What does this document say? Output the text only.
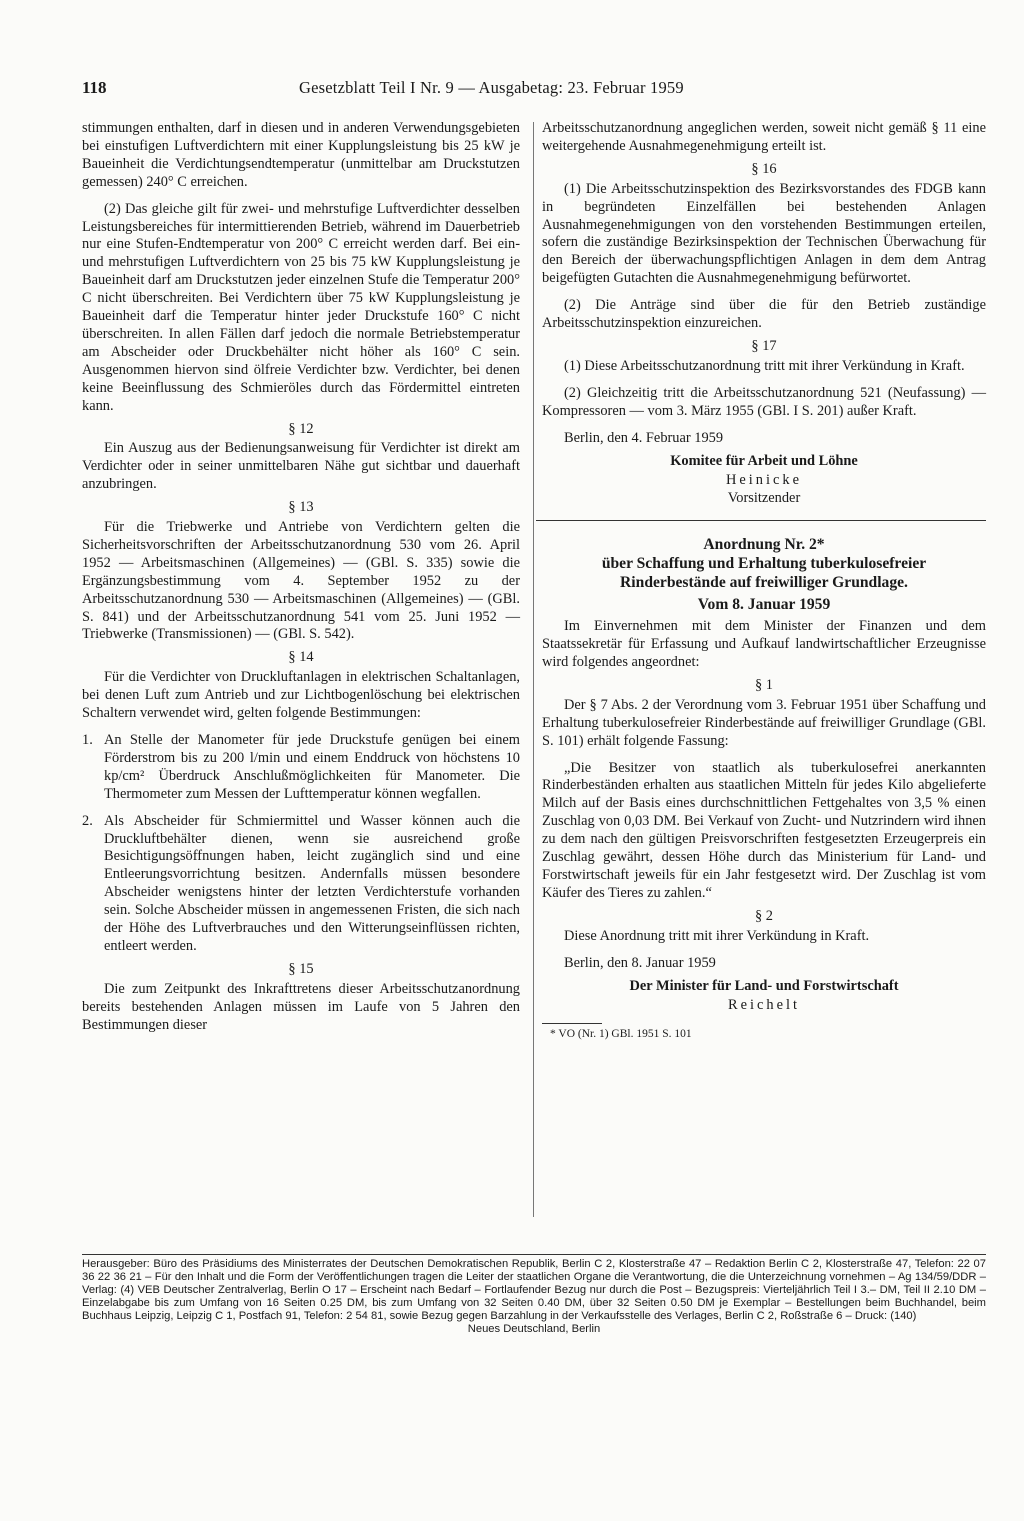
118	Gesetzblatt Teil I Nr. 9 — Ausgabetag: 23. Februar 1959

stimmungen enthalten, darf in diesen und in anderen Verwendungsgebieten bei einstufigen Luftverdichtern mit einer Kupplungsleistung bis 25 kW je Baueinheit die Verdichtungsendtemperatur (unmittelbar am Druckstutzen gemessen) 240° C erreichen.

(2) Das gleiche gilt für zwei- und mehrstufige Luftverdichter desselben Leistungsbereiches für intermittierenden Betrieb, während im Dauerbetrieb nur eine Stufen-Endtemperatur von 200° C erreicht werden darf. Bei ein- und mehrstufigen Luftverdichtern von 25 bis 75 kW Kupplungsleistung je Baueinheit darf am Druckstutzen jeder einzelnen Stufe die Temperatur 200° C nicht überschreiten. Bei Verdichtern über 75 kW Kupplungsleistung je Baueinheit darf die Temperatur hinter jeder Druckstufe 160° C nicht überschreiten. In allen Fällen darf jedoch die normale Betriebstemperatur am Abscheider oder Druckbehälter nicht höher als 160° C sein. Ausgenommen hiervon sind ölfreie Verdichter bzw. Verdichter, bei denen keine Beeinflussung des Schmieröles durch das Fördermittel eintreten kann.

§ 12

Ein Auszug aus der Bedienungsanweisung für Verdichter ist direkt am Verdichter oder in seiner unmittelbaren Nähe gut sichtbar und dauerhaft anzubringen.

§ 13

Für die Triebwerke und Antriebe von Verdichtern gelten die Sicherheitsvorschriften der Arbeitsschutzanordnung 530 vom 26. April 1952 — Arbeitsmaschinen (Allgemeines) — (GBl. S. 335) sowie die Ergänzungsbestimmung vom 4. September 1952 zu der Arbeitsschutzanordnung 530 — Arbeitsmaschinen (Allgemeines) — (GBl. S. 841) und der Arbeitsschutzanordnung 541 vom 25. Juni 1952 — Triebwerke (Transmissionen) — (GBl. S. 542).

§ 14

Für die Verdichter von Druckluftanlagen in elektrischen Schaltanlagen, bei denen Luft zum Antrieb und zur Lichtbogenlöschung bei elektrischen Schaltern verwendet wird, gelten folgende Bestimmungen:

1. An Stelle der Manometer für jede Druckstufe genügen bei einem Förderstrom bis zu 200 l/min und einem Enddruck von höchstens 10 kp/cm² Überdruck Anschlußmöglichkeiten für Manometer. Die Thermometer zum Messen der Lufttemperatur können wegfallen.

2. Als Abscheider für Schmiermittel und Wasser können auch die Druckluftbehälter dienen, wenn sie ausreichend große Besichtigungsöffnungen haben, leicht zugänglich sind und eine Entleerungsvorrichtung besitzen. Andernfalls müssen besondere Abscheider wenigstens hinter der letzten Verdichterstufe vorhanden sein. Solche Abscheider müssen in angemessenen Fristen, die sich nach der Höhe des Luftverbrauches und den Witterungseinflüssen richten, entleert werden.

§ 15

Die zum Zeitpunkt des Inkrafttretens dieser Arbeitsschutzanordnung bereits bestehenden Anlagen müssen im Laufe von 5 Jahren den Bestimmungen dieser

Arbeitsschutzanordnung angeglichen werden, soweit nicht gemäß § 11 eine weitergehende Ausnahmegenehmigung erteilt ist.

§ 16

(1) Die Arbeitsschutzinspektion des Bezirksvorstandes des FDGB kann in begründeten Einzelfällen bei bestehenden Anlagen Ausnahmegenehmigungen von den vorstehenden Bestimmungen erteilen, sofern die zuständige Bezirksinspektion der Technischen Überwachung für den Bereich der überwachungspflichtigen Anlagen in dem dem Antrag beigefügten Gutachten die Ausnahmegenehmigung befürwortet.

(2) Die Anträge sind über die für den Betrieb zuständige Arbeitsschutzinspektion einzureichen.

§ 17

(1) Diese Arbeitsschutzanordnung tritt mit ihrer Verkündung in Kraft.

(2) Gleichzeitig tritt die Arbeitsschutzanordnung 521 (Neufassung) — Kompressoren — vom 3. März 1955 (GBl. I S. 201) außer Kraft.

Berlin, den 4. Februar 1959

Komitee für Arbeit und Löhne

Heinicke

Vorsitzender

Anordnung Nr. 2*
über Schaffung und Erhaltung tuberkulosefreier
Rinderbestände auf freiwilliger Grundlage.
Vom 8. Januar 1959

Im Einvernehmen mit dem Minister der Finanzen und dem Staatssekretär für Erfassung und Aufkauf landwirtschaftlicher Erzeugnisse wird folgendes angeordnet:

§ 1

Der § 7 Abs. 2 der Verordnung vom 3. Februar 1951 über Schaffung und Erhaltung tuberkulosefreier Rinderbestände auf freiwilliger Grundlage (GBl. S. 101) erhält folgende Fassung:

„Die Besitzer von staatlich als tuberkulosefrei anerkannten Rinderbeständen erhalten aus staatlichen Mitteln für jedes Kilo abgelieferte Milch auf der Basis eines durchschnittlichen Fettgehaltes von 3,5 % einen Zuschlag von 0,03 DM. Bei Verkauf von Zucht- und Nutzrindern wird ihnen zu dem nach den gültigen Preisvorschriften festgesetzten Erzeugerpreis ein Zuschlag gewährt, dessen Höhe durch das Ministerium für Land- und Forstwirtschaft jeweils für ein Jahr festgesetzt wird. Der Zuschlag ist vom Käufer des Tieres zu zahlen.“

§ 2

Diese Anordnung tritt mit ihrer Verkündung in Kraft.

Berlin, den 8. Januar 1959

Der Minister für Land- und Forstwirtschaft

Reichelt

* VO (Nr. 1) GBl. 1951 S. 101

Herausgeber: Büro des Präsidiums des Ministerrates der Deutschen Demokratischen Republik, Berlin C 2, Klosterstraße 47 – Redaktion Berlin C 2, Klosterstraße 47, Telefon: 22 07 36 22 36 21 – Für den Inhalt und die Form der Veröffentlichungen tragen die Leiter der staatlichen Organe die Verantwortung, die die Unterzeichnung vornehmen – Ag 134/59/DDR – Verlag: (4) VEB Deutscher Zentralverlag, Berlin O 17 – Erscheint nach Bedarf – Fortlaufender Bezug nur durch die Post – Bezugspreis: Vierteljährlich Teil I 3.– DM, Teil II 2.10 DM – Einzelabgabe bis zum Umfang von 16 Seiten 0.25 DM, bis zum Umfang von 32 Seiten 0.40 DM, über 32 Seiten 0.50 DM je Exemplar – Bestellungen beim Buchhandel, beim Buchhaus Leipzig, Leipzig C 1, Postfach 91, Telefon: 2 54 81, sowie Bezug gegen Barzahlung in der Verkaufsstelle des Verlages, Berlin C 2, Roßstraße 6 – Druck: (140)

Neues Deutschland, Berlin
